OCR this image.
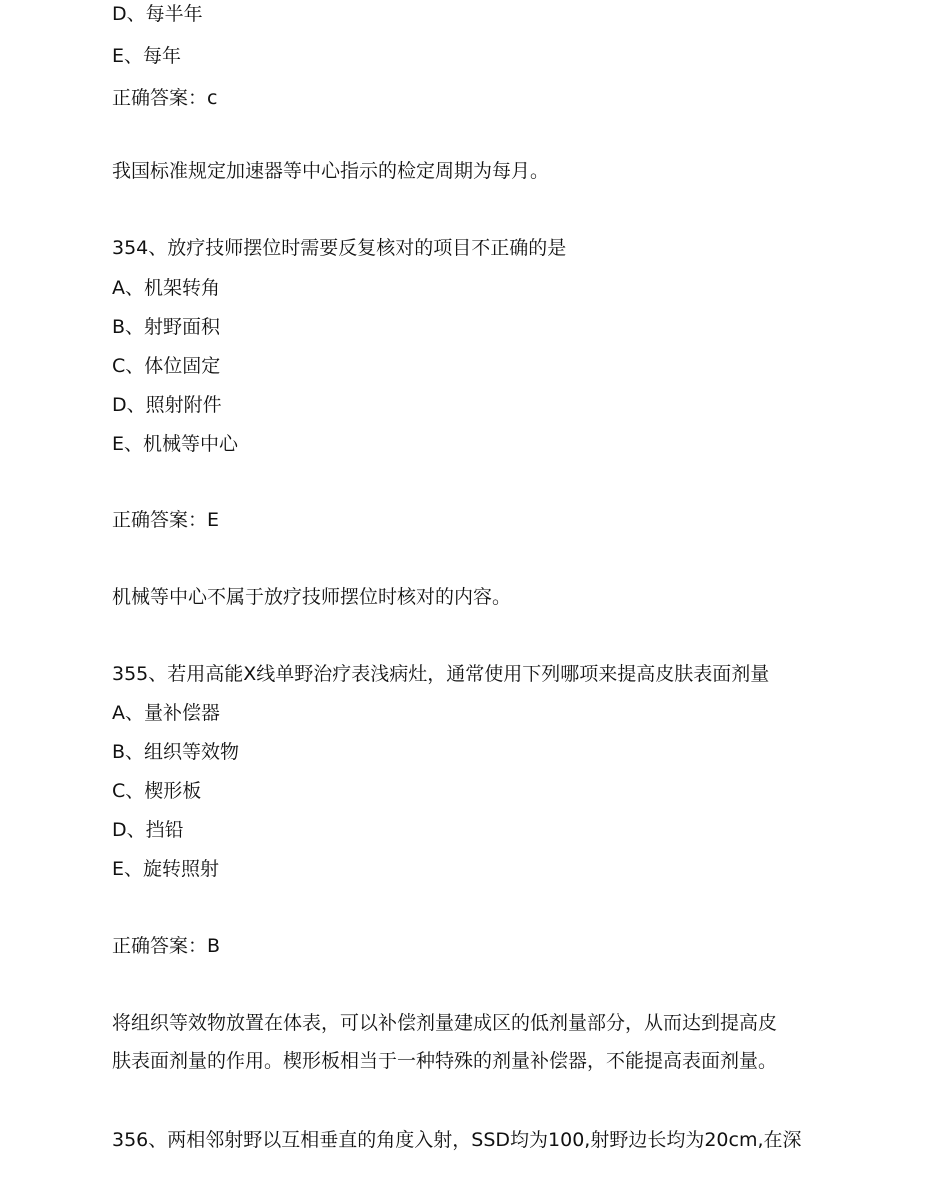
D、每半年
E、每年
正确答案：c
我国标准规定加速器等中心指示的检定周期为每月。
354、放疗技师摆位时需要反复核对的项目不正确的是
A、机架转角
B、射野面积
C、体位固定
D、照射附件
E、机械等中心
正确答案：E
机械等中心不属于放疗技师摆位时核对的内容。
355、若用高能X线单野治疗表浅病灶，通常使用下列哪项来提高皮肤表面剂量
A、量补偿器
B、组织等效物
C、楔形板
D、挡铅
E、旋转照射
正确答案：B
将组织等效物放置在体表，可以补偿剂量建成区的低剂量部分，从而达到提高皮
肤表面剂量的作用。楔形板相当于一种特殊的剂量补偿器，不能提高表面剂量。
356、两相邻射野以互相垂直的角度入射，SSD均为100,射野边长均为20cm,在深
